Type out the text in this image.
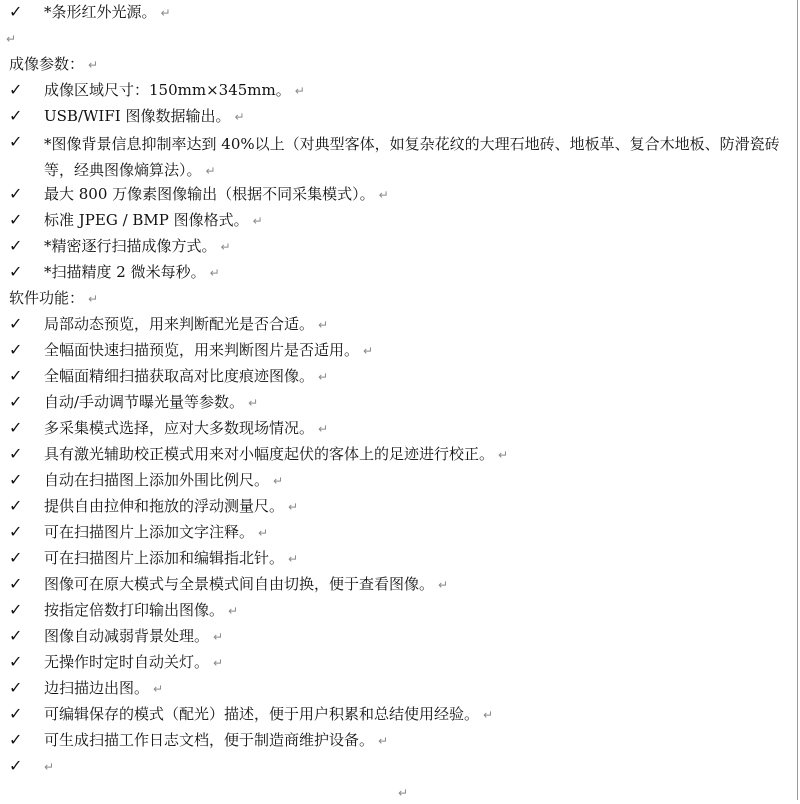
✓	*条形红外光源。 ↵
↵
成像参数： ↵
✓	成像区域尺寸：150mm×345mm。 ↵
✓	USB/WIFI 图像数据输出。 ↵
✓	*图像背景信息抑制率达到 40%以上（对典型客体，如复杂花纹的大理石地砖、地板革、复合木地板、防滑瓷砖等，经典图像熵算法）。 ↵
✓	最大 800 万像素图像输出（根据不同采集模式）。 ↵
✓	标准 JPEG / BMP 图像格式。 ↵
✓	*精密逐行扫描成像方式。 ↵
✓	*扫描精度 2 微米每秒。 ↵
软件功能： ↵
✓	局部动态预览，用来判断配光是否合适。 ↵
✓	全幅面快速扫描预览，用来判断图片是否适用。 ↵
✓	全幅面精细扫描获取高对比度痕迹图像。 ↵
✓	自动/手动调节曝光量等参数。 ↵
✓	多采集模式选择，应对大多数现场情况。 ↵
✓	具有激光辅助校正模式用来对小幅度起伏的客体上的足迹进行校正。 ↵
✓	自动在扫描图上添加外围比例尺。 ↵
✓	提供自由拉伸和拖放的浮动测量尺。 ↵
✓	可在扫描图片上添加文字注释。 ↵
✓	可在扫描图片上添加和编辑指北针。 ↵
✓	图像可在原大模式与全景模式间自由切换，便于查看图像。 ↵
✓	按指定倍数打印输出图像。 ↵
✓	图像自动减弱背景处理。 ↵
✓	无操作时定时自动关灯。 ↵
✓	边扫描边出图。 ↵
✓	可编辑保存的模式（配光）描述，便于用户积累和总结使用经验。 ↵
✓	可生成扫描工作日志文档，便于制造商维护设备。 ↵
✓	↵
↵
